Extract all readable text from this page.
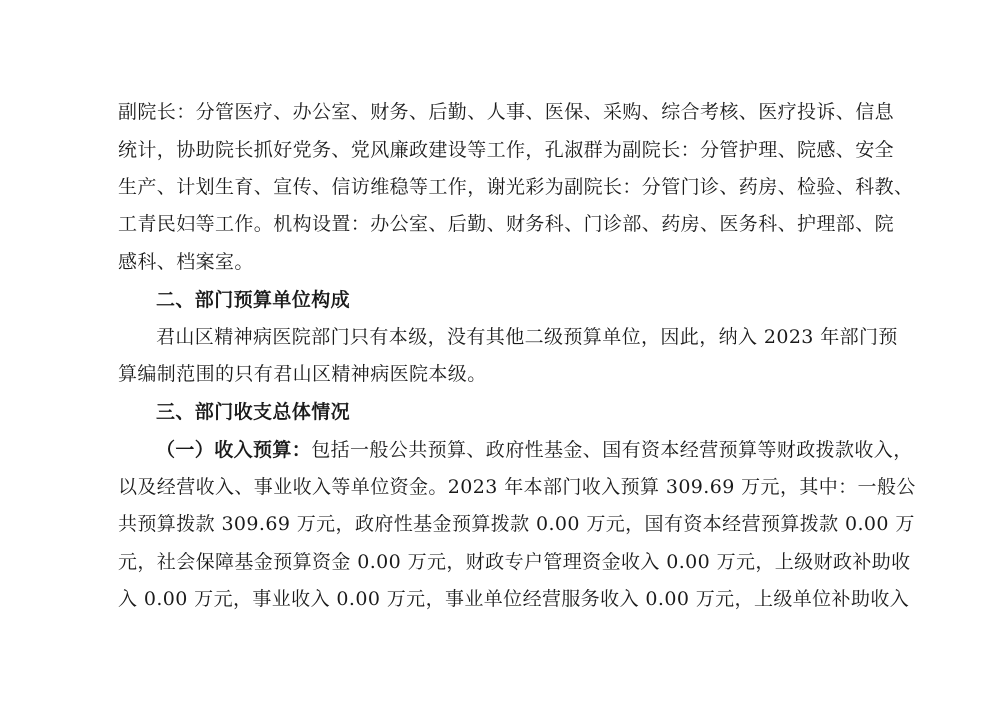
副院长：分管医疗、办公室、财务、后勤、人事、医保、采购、综合考核、医疗投诉、信息
统计，协助院长抓好党务、党风廉政建设等工作，孔淑群为副院长：分管护理、院感、安全
生产、计划生育、宣传、信访维稳等工作，谢光彩为副院长：分管门诊、药房、检验、科教、
工青民妇等工作。机构设置：办公室、后勤、财务科、门诊部、药房、医务科、护理部、院
感科、档案室。
二、部门预算单位构成
君山区精神病医院部门只有本级，没有其他二级预算单位，因此，纳入 2023 年部门预
算编制范围的只有君山区精神病医院本级。
三、部门收支总体情况
（一）收入预算：包括一般公共预算、政府性基金、国有资本经营预算等财政拨款收入，
以及经营收入、事业收入等单位资金。2023 年本部门收入预算 309.69 万元，其中：一般公
共预算拨款 309.69 万元，政府性基金预算拨款 0.00 万元，国有资本经营预算拨款 0.00 万
元，社会保障基金预算资金 0.00 万元，财政专户管理资金收入 0.00 万元，上级财政补助收
入 0.00 万元，事业收入 0.00 万元，事业单位经营服务收入 0.00 万元，上级单位补助收入
